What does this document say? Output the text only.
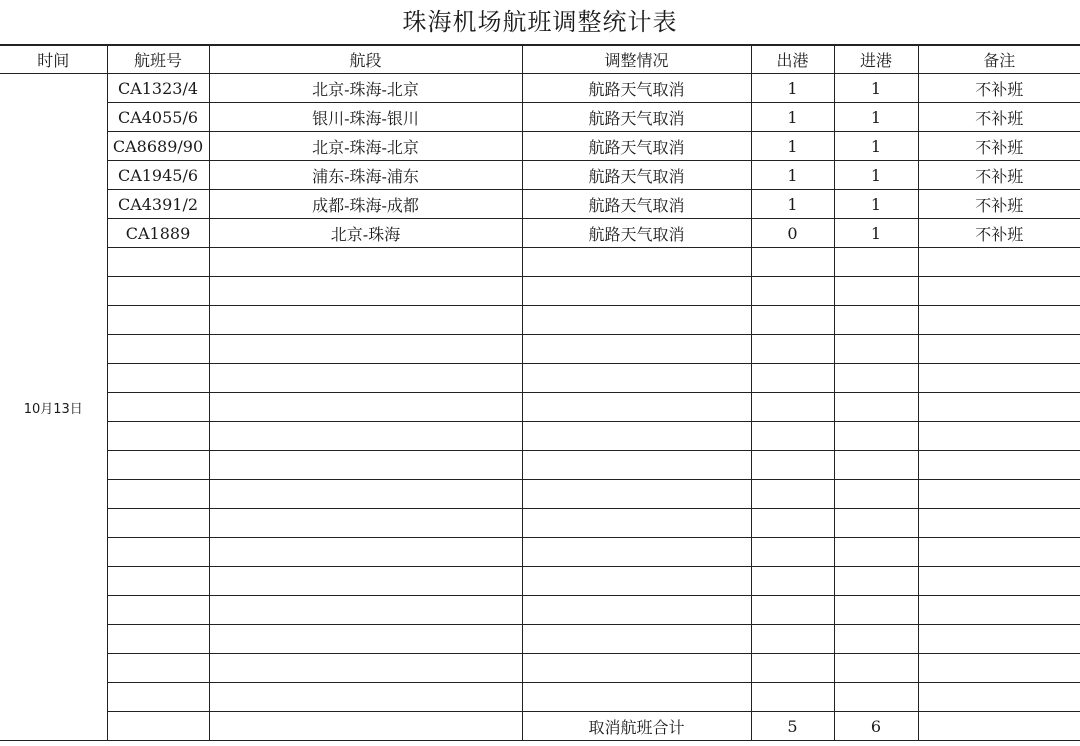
珠海机场航班调整统计表
时间	航班号	航段	调整情况	出港	进港	备注
10月13日	CA1323/4	北京-珠海-北京	航路天气取消	1	1	不补班
	CA4055/6	银川-珠海-银川	航路天气取消	1	1	不补班
	CA8689/90	北京-珠海-北京	航路天气取消	1	1	不补班
	CA1945/6	浦东-珠海-浦东	航路天气取消	1	1	不补班
	CA4391/2	成都-珠海-成都	航路天气取消	1	1	不补班
	CA1889	北京-珠海	航路天气取消	0	1	不补班

			取消航班合计	5	6	
